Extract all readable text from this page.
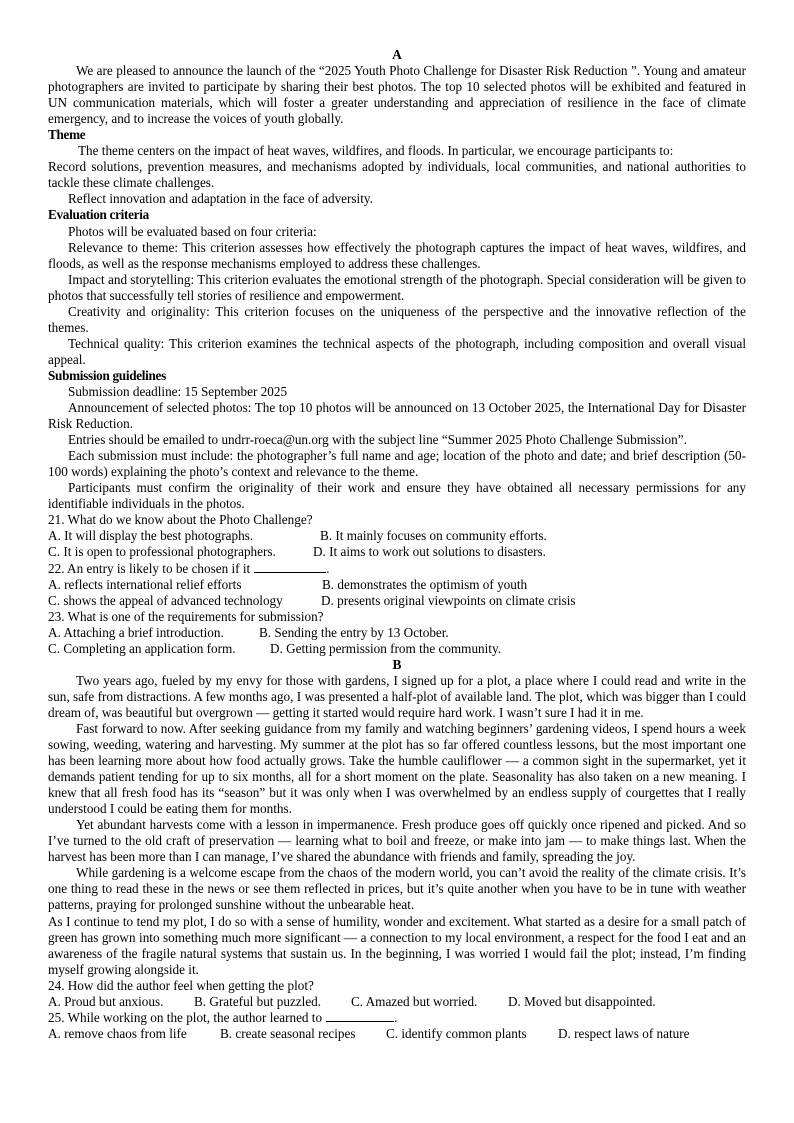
A

We are pleased to announce the launch of the “2025 Youth Photo Challenge for Disaster Risk Reduction ”. Young and amateur photographers are invited to participate by sharing their best photos. The top 10 selected photos will be exhibited and featured in UN communication materials, which will foster a greater understanding and appreciation of resilience in the face of climate emergency, and to increase the voices of youth globally.

Theme

The theme centers on the impact of heat waves, wildfires, and floods. In particular, we encourage participants to:

Record solutions, prevention measures, and mechanisms adopted by individuals, local communities, and national authorities to tackle these climate challenges.

Reflect innovation and adaptation in the face of adversity.

Evaluation criteria

Photos will be evaluated based on four criteria:

Relevance to theme: This criterion assesses how effectively the photograph captures the impact of heat waves, wildfires, and floods, as well as the response mechanisms employed to address these challenges.

Impact and storytelling: This criterion evaluates the emotional strength of the photograph. Special consideration will be given to photos that successfully tell stories of resilience and empowerment.

Creativity and originality: This criterion focuses on the uniqueness of the perspective and the innovative reflection of the themes.

Technical quality: This criterion examines the technical aspects of the photograph, including composition and overall visual appeal.

Submission guidelines

Submission deadline: 15 September 2025

Announcement of selected photos: The top 10 photos will be announced on 13 October 2025, the International Day for Disaster Risk Reduction.

Entries should be emailed to undrr-roeca@un.org with the subject line “Summer 2025 Photo Challenge Submission”.

Each submission must include: the photographer’s full name and age; location of the photo and date; and brief description (50-100 words) explaining the photo’s context and relevance to the theme.

Participants must confirm the originality of their work and ensure they have obtained all necessary permissions for any identifiable individuals in the photos.

21. What do we know about the Photo Challenge?

A. It will display the best photographs.	B. It mainly focuses on community efforts.
C. It is open to professional photographers.	D. It aims to work out solutions to disasters.

22. An entry is likely to be chosen if it	.

A. reflects international relief efforts	B. demonstrates the optimism of youth
C. shows the appeal of advanced technology	D. presents original viewpoints on climate crisis

23. What is one of the requirements for submission?

A. Attaching a brief introduction.	B. Sending the entry by 13 October.
C. Completing an application form.	D. Getting permission from the community.
B

Two years ago, fueled by my envy for those with gardens, I signed up for a plot, a place where I could read and write in the sun, safe from distractions. A few months ago, I was presented a half-plot of available land. The plot, which was bigger than I could dream of, was beautiful but overgrown — getting it started would require hard work. I wasn’t sure I had it in me.

Fast forward to now. After seeking guidance from my family and watching beginners’ gardening videos, I spend hours a week sowing, weeding, watering and harvesting. My summer at the plot has so far offered countless lessons, but the most important one has been learning more about how food actually grows. Take the humble cauliflower — a common sight in the supermarket, yet it demands patient tending for up to six months, all for a short moment on the plate. Seasonality has also taken on a new meaning. I knew that all fresh food has its “season” but it was only when I was overwhelmed by an endless supply of courgettes that I really understood I could be eating them for months.

Yet abundant harvests come with a lesson in impermanence. Fresh produce goes off quickly once ripened and picked. And so I’ve turned to the old craft of preservation — learning what to boil and freeze, or make into jam — to make things last. When the harvest has been more than I can manage, I’ve shared the abundance with friends and family, spreading the joy.

While gardening is a welcome escape from the chaos of the modern world, you can’t avoid the reality of the climate crisis. It’s one thing to read these in the news or see them reflected in prices, but it’s quite another when you have to be in tune with weather patterns, praying for prolonged sunshine without the unbearable heat.

As I continue to tend my plot, I do so with a sense of humility, wonder and excitement. What started as a desire for a small patch of green has grown into something much more significant — a connection to my local environment, a respect for the food I eat and an awareness of the fragile natural systems that sustain us. In the beginning, I was worried I would fail the plot; instead, I’m finding myself growing alongside it.

24. How did the author feel when getting the plot?

A. Proud but anxious.	B. Grateful but puzzled.	C. Amazed but worried.	D. Moved but disappointed.

25. While working on the plot, the author learned to	.

A. remove chaos from life	B. create seasonal recipes	C. identify common plants	D. respect laws of nature
